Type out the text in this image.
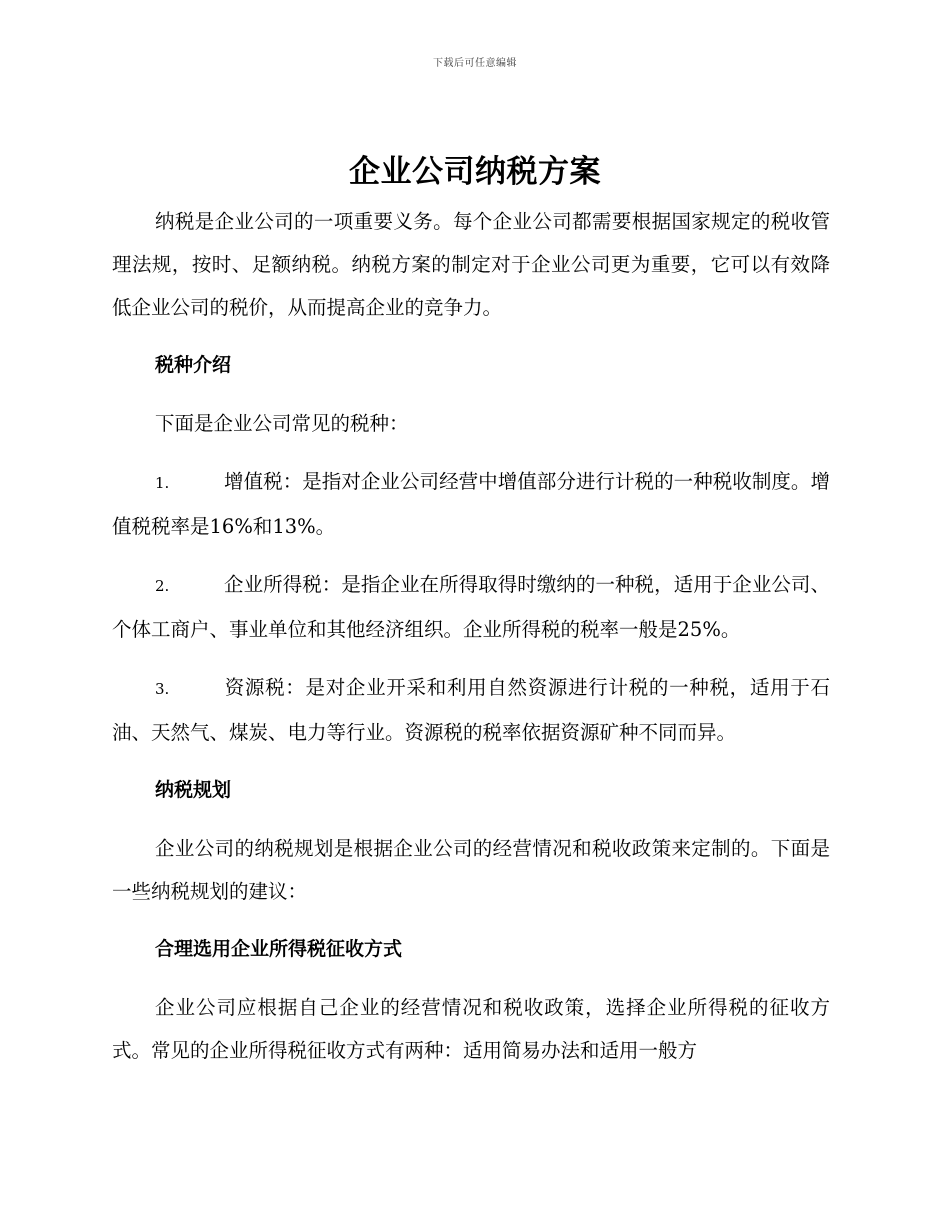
下载后可任意编辑
企业公司纳税方案

纳税是企业公司的一项重要义务。每个企业公司都需要根据国家规定的税收管理法规，按时、足额纳税。纳税方案的制定对于企业公司更为重要，它可以有效降低企业公司的税价，从而提高企业的竞争力。

税种介绍

下面是企业公司常见的税种：

1.	增值税：是指对企业公司经营中增值部分进行计税的一种税收制度。增值税税率是16%和13%。

2.	企业所得税：是指企业在所得取得时缴纳的一种税，适用于企业公司、个体工商户、事业单位和其他经济组织。企业所得税的税率一般是25%。

3.	资源税：是对企业开采和利用自然资源进行计税的一种税，适用于石油、天然气、煤炭、电力等行业。资源税的税率依据资源矿种不同而异。

纳税规划

企业公司的纳税规划是根据企业公司的经营情况和税收政策来定制的。下面是一些纳税规划的建议：

合理选用企业所得税征收方式

企业公司应根据自己企业的经营情况和税收政策，选择企业所得税的征收方式。常见的企业所得税征收方式有两种：适用简易办法和适用一般方
